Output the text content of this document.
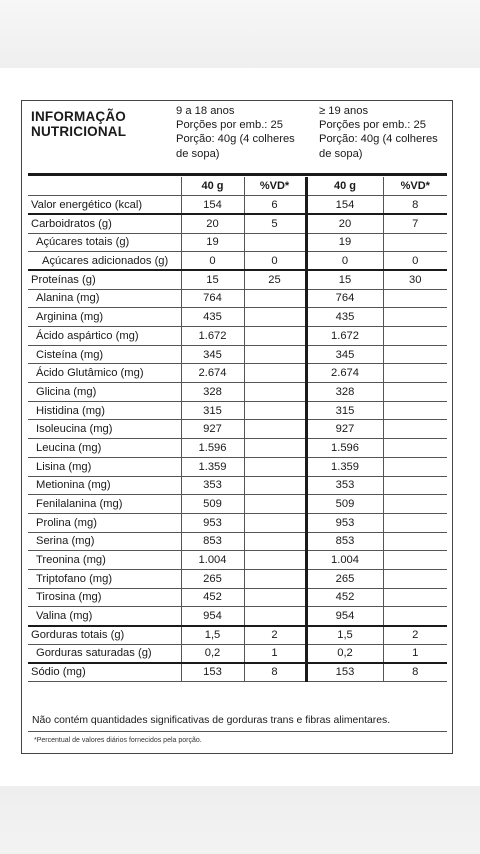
INFORMAÇÃO
NUTRICIONAL
9 a 18 anos
Porções por emb.: 25
Porção: 40g (4 colheres
de sopa)
≥ 19 anos
Porções por emb.: 25
Porção: 40g (4 colheres
de sopa)
	40 g	%VD*	40 g	%VD*
Valor energético (kcal)	154	6	154	8
Carboidratos (g)	20	5	20	7
Açúcares totais (g)	19		19	
Açúcares adicionados (g)	0	0	0	0
Proteínas (g)	15	25	15	30
Alanina (mg)	764		764	
Arginina (mg)	435		435	
Ácido aspártico (mg)	1.672		1.672	
Cisteína (mg)	345		345	
Ácido Glutâmico (mg)	2.674		2.674	
Glicina (mg)	328		328	
Histidina (mg)	315		315	
Isoleucina (mg)	927		927	
Leucina (mg)	1.596		1.596	
Lisina (mg)	1.359		1.359	
Metionina (mg)	353		353	
Fenilalanina (mg)	509		509	
Prolina (mg)	953		953	
Serina (mg)	853		853	
Treonina (mg)	1.004		1.004	
Triptofano (mg)	265		265	
Tirosina (mg)	452		452	
Valina (mg)	954		954	
Gorduras totais (g)	1,5	2	1,5	2
Gorduras saturadas (g)	0,2	1	0,2	1
Sódio (mg)	153	8	153	8
Não contém quantidades significativas de gorduras trans e fibras alimentares.
*Percentual de valores diários fornecidos pela porção.
